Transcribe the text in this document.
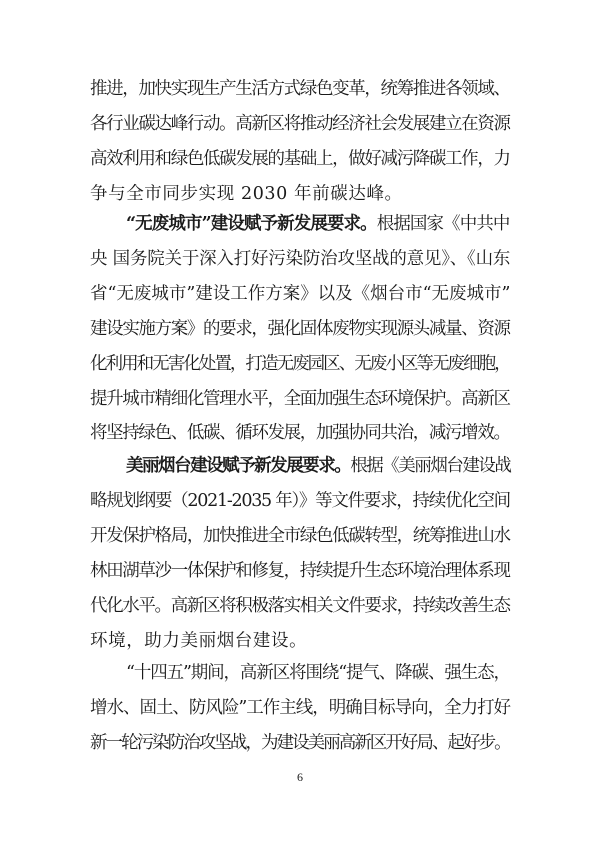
推进，加快实现生产生活方式绿色变革，统筹推进各领域、
各行业碳达峰行动。高新区将推动经济社会发展建立在资源
高效利用和绿色低碳发展的基础上，做好减污降碳工作，力
争与全市同步实现 2030 年前碳达峰。
“无废城市”建设赋予新发展要求。根据国家《中共中
央 国务院关于深入打好污染防治攻坚战的意见》、《山东
省“无废城市”建设工作方案》以及《烟台市“无废城市”
建设实施方案》的要求，强化固体废物实现源头减量、资源
化利用和无害化处置，打造无废园区、无废小区等无废细胞，
提升城市精细化管理水平，全面加强生态环境保护。高新区
将坚持绿色、低碳、循环发展，加强协同共治，减污增效。
美丽烟台建设赋予新发展要求。根据《美丽烟台建设战
略规划纲要（2021-2035 年）》等文件要求，持续优化空间
开发保护格局，加快推进全市绿色低碳转型，统筹推进山水
林田湖草沙一体保护和修复，持续提升生态环境治理体系现
代化水平。高新区将积极落实相关文件要求，持续改善生态
环境，助力美丽烟台建设。
“十四五”期间，高新区将围绕“提气、降碳、强生态，
增水、固土、防风险”工作主线，明确目标导向，全力打好
新一轮污染防治攻坚战，为建设美丽高新区开好局、起好步。
6
